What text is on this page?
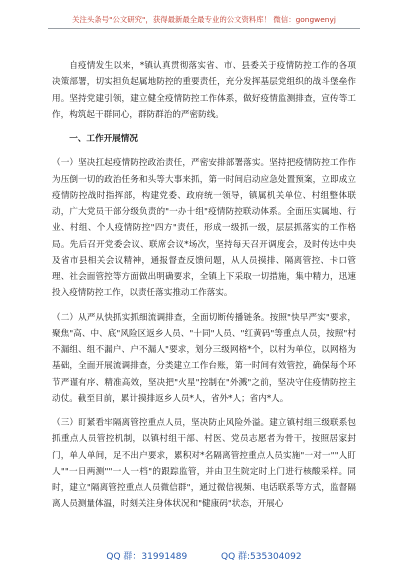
关注头条号"公文研究"，获得最新最全最专业的公文资料库！ 微信：gongwenyj

自疫情发生以来，*镇认真贯彻落实省、市、县委关于疫情防控工作的各项决策部署，切实担负起属地防控的重要责任，充分发挥基层党组织的战斗堡垒作用。坚持党建引领，建立健全疫情防控工作体系，做好疫情监测排查，宣传等工作，构筑起干群同心，群防群治的严密防线。

一、工作开展情况

（一）坚决扛起疫情防控政治责任，严密安排部署落实。坚持把疫情防控工作作为压倒一切的政治任务和头等大事来抓，第一时间启动应急处置预案，立即成立疫情防控战时指挥部，构建党委、政府统一领导，镇属机关单位、村组整体联动，广大党员干部分级负责的"一办十组"疫情防控联动体系。全面压实属地、行业、村组、个人疫情防控"四方"责任，形成一级抓一级，层层抓落实的工作格局。先后召开党委会议、联席会议*场次，坚持每天召开调度会，及时传达中央及省市县相关会议精神，通报督查反馈问题，从人员摸排、隔离管控、卡口管理、社会面管控等方面做出明确要求，全镇上下采取一切措施，集中精力，迅速投入疫情防控工作，以责任落实推动工作落实。

（二）从严从快抓实抓细流调排查，全面切断传播链条。按照"快早严实"要求，聚焦"高、中、底"风险区返乡人员、"十同"人员、"红黄码"等重点人员，按照"村不漏组、组不漏户、户不漏人"要求，划分三级网格*个，以村为单位，以网格为基础，全面开展流调排查，分类建立工作台账，第一时间有效管控，确保每个环节严谨有序、精准高效，坚决把"火星"控制在"外溅"之前，坚决守住疫情防控主动仗。截至目前，累计摸排返乡人员*人，省外*人；省内*人。

（三）盯紧看牢隔离管控重点人员，坚决防止风险外溢。建立镇村组三级联系包抓重点人员管控机制，以镇村组干部、村医、党员志愿者为骨干，按照居家封门，单人单间，足不出户要求，累积对*名隔离管控重点人员实施"一对一""人盯人""一日两测""一人一档"的跟踪监管，并由卫生院定时上门进行核酸采样。同时，建立"隔离管控重点人员微信群"，通过微信视频、电话联系等方式，监督隔离人员测量体温，时刻关注身体状况和"健康码"状态，开展心

QQ 群：31991489	QQ 群:535304092
